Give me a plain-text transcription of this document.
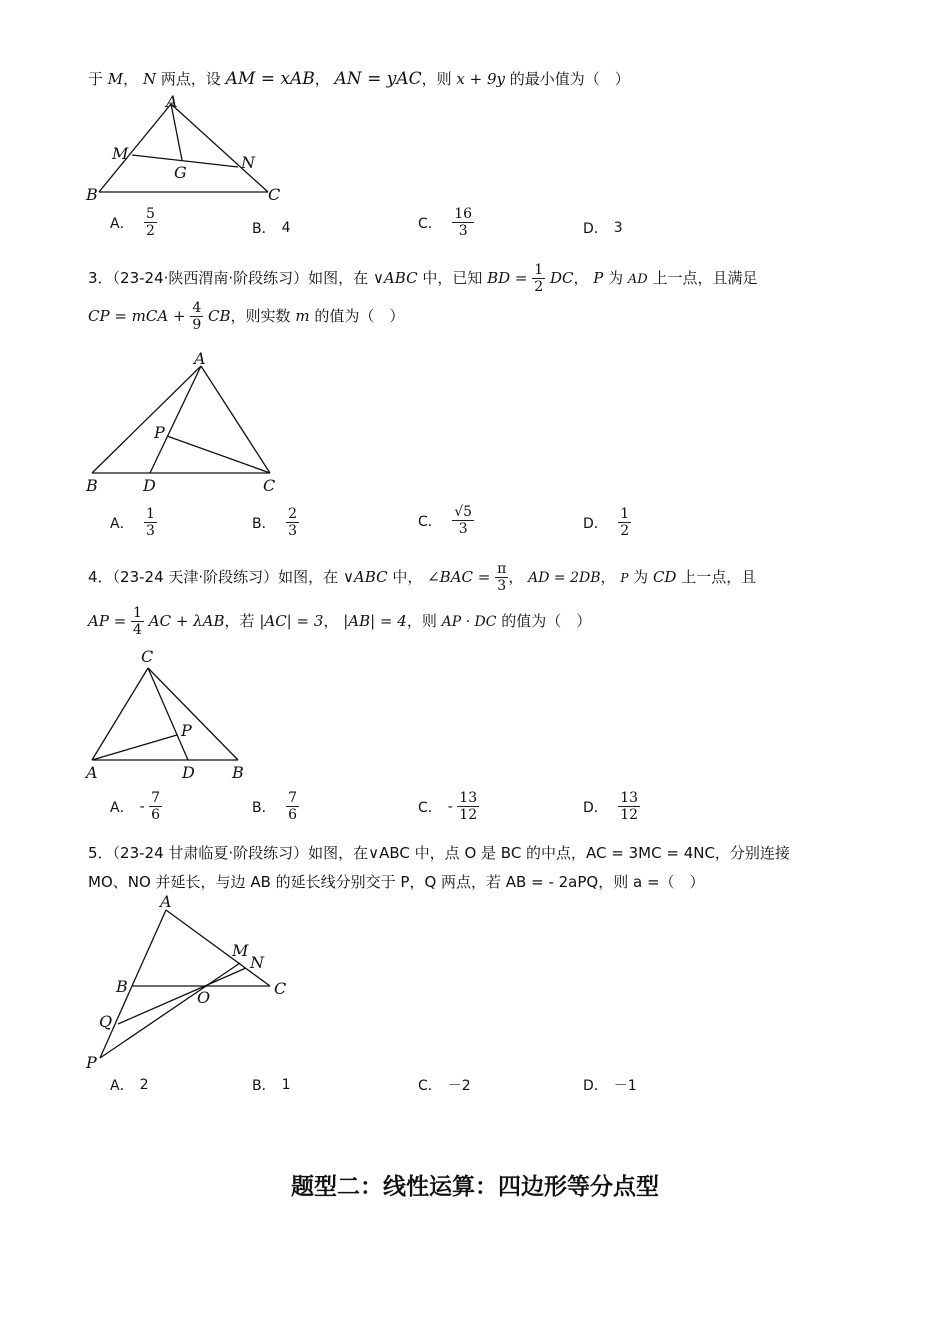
于 M， N 两点，设 AM = xAB， AN = yAC，则 x + 9y 的最小值为（　）
A
M
G
N
B	C
A． $\frac{5}{2}$	B． 4	C． $\frac{16}{3}$	D． 3
3．（23-24·陕西渭南·阶段练习）如图，在 ∨ABC 中，已知 BD = $\frac{1}{2}$ DC， P 为 AD 上一点，且满足
CP = mCA + $\frac{4}{9}$ CB，则实数 m 的值为（　）
A
P
B	D	C
A． $\frac{1}{3}$	B． $\frac{2}{3}$	C． $\frac{√5}{3}$	D． $\frac{1}{2}$
4．（23-24 天津·阶段练习）如图，在 ∨ABC 中， ∠BAC = $\frac{\pi}{3}$ ， AD = 2DB， P 为 CD 上一点，且
AP = $\frac{1}{4}$ AC + λAB，若 |AC| = 3， |AB| = 4，则 AP · DC 的值为（　）
C
P
A	D B
A． - $\frac{7}{6}$	B． $\frac{7}{6}$	C． - $\frac{13}{12}$	D． $\frac{13}{12}$
5．（23-24 甘肃临夏·阶段练习）如图，在∨ABC 中，点 O 是 BC 的中点，AC = 3MC = 4NC，分别连接
MO、NO 并延长，与边 AB 的延长线分别交于 P，Q 两点，若 AB = - 2aPQ，则 a =（　）
A
M
N
B	C
O
Q
P
A． 2	B． 1	C． －2	D． －1
题型二：线性运算：四边形等分点型
